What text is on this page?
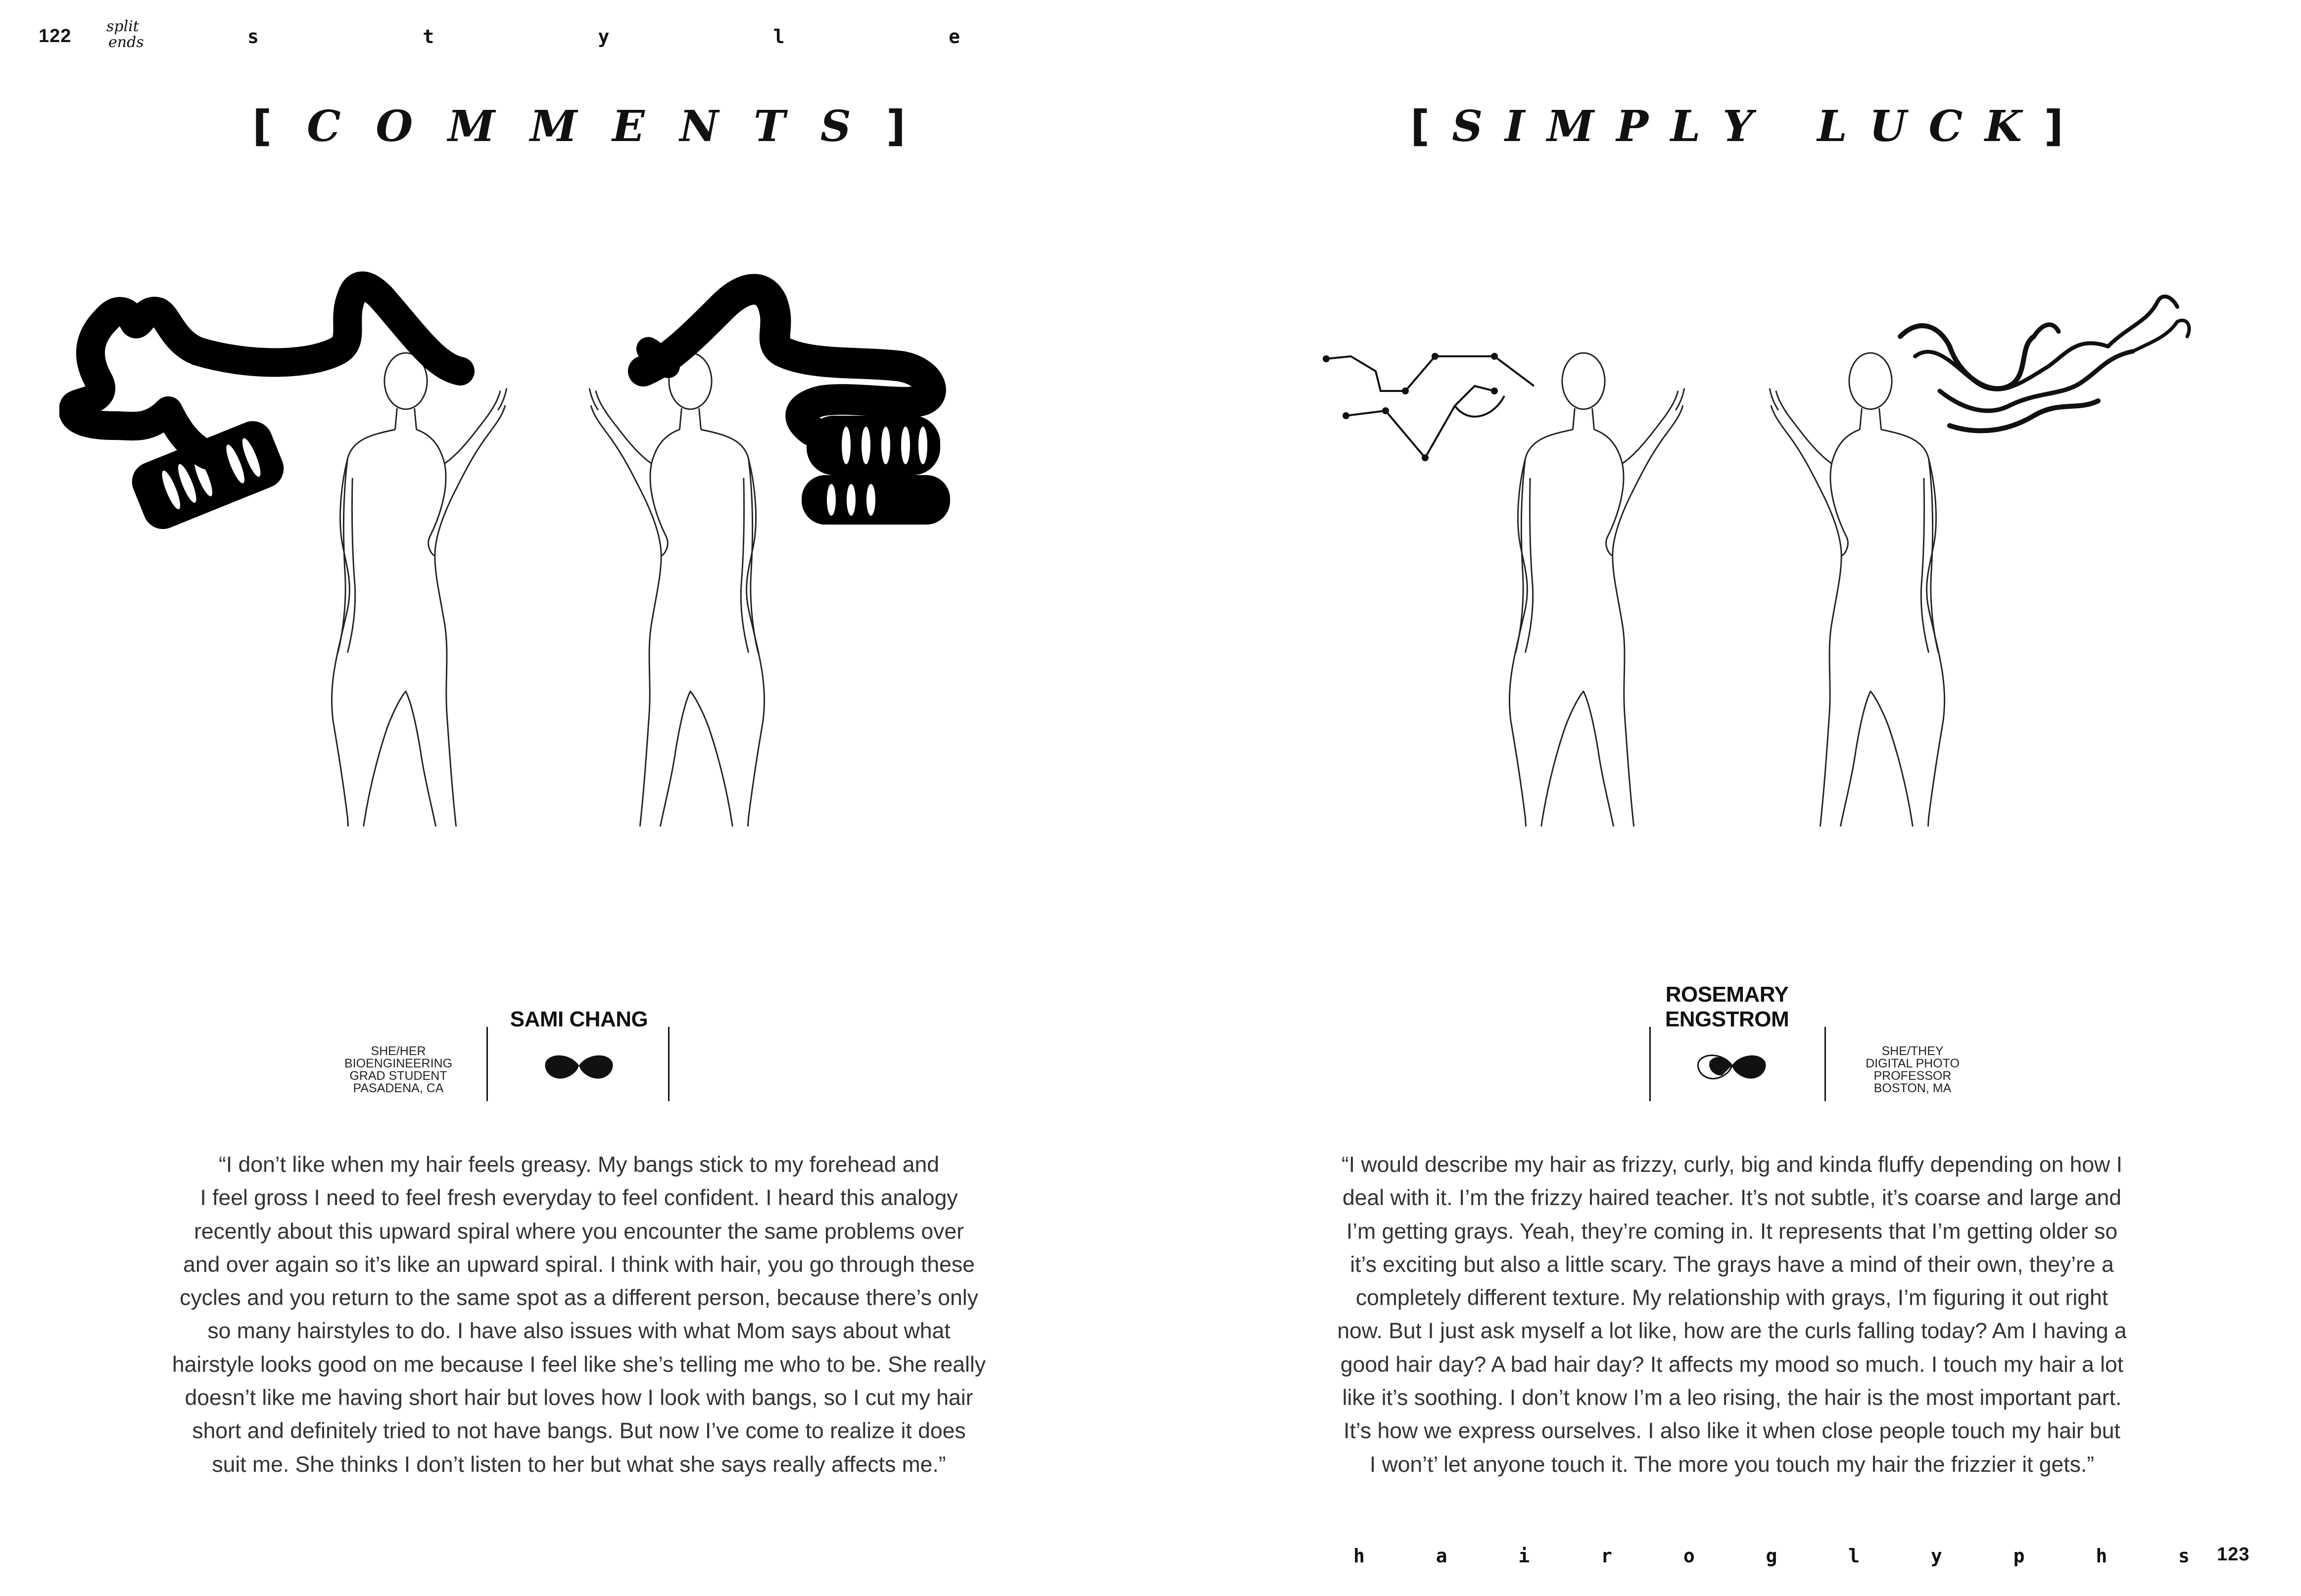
122 split
ends	s	t	y	l	e
[ C O M M E N T S ]
SHE/HER
BIOENGINEERING
GRAD STUDENT
PASADENA, CA
SAMI CHANG
“I don’t like when my hair feels greasy. My bangs stick to my forehead and
I feel gross I need to feel fresh everyday to feel confident. I heard this analogy
recently about this upward spiral where you encounter the same problems over
and over again so it’s like an upward spiral. I think with hair, you go through these
cycles and you return to the same spot as a different person, because there’s only
so many hairstyles to do. I have also issues with what Mom says about what
hairstyle looks good on me because I feel like she’s telling me who to be. She really
doesn’t like me having short hair but loves how I look with bangs, so I cut my hair
short and definitely tried to not have bangs. But now I’ve come to realize it does
suit me. She thinks I don’t listen to her but what she says really affects me.”
[ S I M P L Y L U C K ]
ROSEMARY
ENGSTROM
SHE/THEY
DIGITAL PHOTO
PROFESSOR
BOSTON, MA
“I would describe my hair as frizzy, curly, big and kinda fluffy depending on how I
deal with it. I’m the frizzy haired teacher. It’s not subtle, it’s coarse and large and
I’m getting grays. Yeah, they’re coming in. It represents that I’m getting older so
it’s exciting but also a little scary. The grays have a mind of their own, they’re a
completely different texture. My relationship with grays, I’m figuring it out right
now. But I just ask myself a lot like, how are the curls falling today? Am I having a
good hair day? A bad hair day? It affects my mood so much. I touch my hair a lot
like it’s soothing. I don’t know I’m a leo rising, the hair is the most important part.
It’s how we express ourselves. I also like it when close people touch my hair but
I won’t’ let anyone touch it. The more you touch my hair the frizzier it gets.”
h	a	i	r	o	g	l	y	p	h	s 123
